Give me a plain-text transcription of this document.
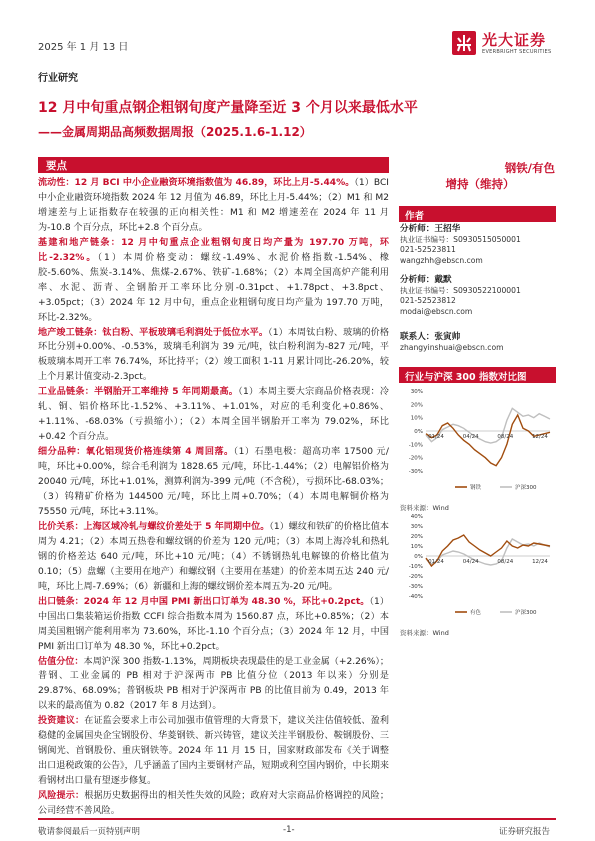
2025 年 1 月 13 日	光大证券
EVERBRIGHT SECURITIES
行业研究
12 月中旬重点钢企粗钢旬度产量降至近 3 个月以来最低水平
——金属周期品高频数据周报（2025.1.6-1.12）
要点

流动性：12 月 BCI 中小企业融资环境指数值为 46.89，环比上月-5.44%。（1）BCI 中小企业融资环境指数 2024 年 12 月值为 46.89，环比上月-5.44%；（2）M1 和 M2 增速差与上证指数存在较强的正向相关性：M1 和 M2 增速差在 2024 年 11 月为-10.8 个百分点，环比+2.8 个百分点。

基建和地产链条：12 月中旬重点企业粗钢旬度日均产量为 197.70 万吨，环比-2.32%。（1）本周价格变动：螺纹-1.49%、水泥价格指数-1.54%、橡胶-5.60%、焦炭-3.14%、焦煤-2.67%、铁矿-1.68%；（2）本周全国高炉产能利用率、水泥、沥青、全钢胎开工率环比分别-0.31pct、+1.78pct、+3.8pct、+3.05pct；（3）2024 年 12 月中旬，重点企业粗钢旬度日均产量为 197.70 万吨，环比-2.32%。

地产竣工链条：钛白粉、平板玻璃毛利润处于低位水平。（1）本周钛白粉、玻璃的价格环比分别+0.00%、-0.53%，玻璃毛利润为 39 元/吨，钛白粉利润为-827 元/吨，平板玻璃本周开工率 76.74%，环比持平；（2）竣工面积 1-11 月累计同比-26.20%，较上个月累计值变动-2.3pct。

工业品链条：半钢胎开工率维持 5 年同期最高。（1）本周主要大宗商品价格表现：冷轧、铜、铝价格环比-1.52%、+3.11%、+1.01%，对应的毛利变化+0.86%、+1.11%、-68.03%（亏损缩小）；（2）本周全国半钢胎开工率为 79.02%，环比+0.42 个百分点。

细分品种：氧化铝现货价格连续第 4 周回落。（1）石墨电极：超高功率 17500 元/吨，环比+0.00%，综合毛利润为 1828.65 元/吨，环比-1.44%；（2）电解铝价格为 20040 元/吨，环比+1.01%，测算利润为-399 元/吨（不含税），亏损环比-68.03%；（3）钨精矿价格为 144500 元/吨，环比上周+0.70%；（4）本周电解铜价格为 75550 元/吨，环比+3.11%。

比价关系：上海区域冷轧与螺纹价差处于 5 年同期中位。（1）螺纹和铁矿的价格比值本周为 4.21；（2）本周五热卷和螺纹钢的价差为 120 元/吨；（3）本周上海冷轧和热轧钢的价格差达 640 元/吨，环比+10 元/吨；（4）不锈钢热轧电解镍的价格比值为 0.10；（5）盘螺（主要用在地产）和螺纹钢（主要用在基建）的价差本周五达 240 元/吨，环比上周-7.69%；（6）新疆和上海的螺纹钢价差本周五为-20 元/吨。

出口链条：2024 年 12 月中国 PMI 新出口订单为 48.30 %，环比+0.2pct。（1）中国出口集装箱运价指数 CCFI 综合指数本周为 1560.87 点，环比+0.85%；（2）本周美国粗钢产能利用率为 73.60%，环比-1.10 个百分点；（3）2024 年 12 月，中国 PMI 新出口订单为 48.30 %，环比+0.2pct。

估值分位：本周沪深 300 指数-1.13%，周期板块表现最佳的是工业金属（+2.26%）；普钢、工业金属的 PB 相对于沪深两市 PB 比值分位（2013 年以来）分别是 29.87%、68.09%；普钢板块 PB 相对于沪深两市 PB 的比值目前为 0.49，2013 年以来的最高值为 0.82（2017 年 8 月达到）。

投资建议：在证监会要求上市公司加强市值管理的大背景下，建议关注估值较低、盈利稳健的金属国央企宝钢股份、华菱钢铁、新兴铸管，建议关注半钢股份、鞍钢股份、三钢闽光、首钢股份、重庆钢铁等。2024 年 11 月 15 日，国家财政部发布《关于调整出口退税政策的公告》，几乎涵盖了国内主要钢材产品，短期或利空国内钢价，中长期来看钢材出口量有望逐步修复。

风险提示：根据历史数据得出的相关性失效的风险；政府对大宗商品价格调控的风险；公司经营不善风险。

钢铁/有色
增持（维持）
作者
分析师：王招华
执业证书编号：S0930515050001
021-52523811
wangzhh@ebscn.com
分析师：戴默
执业证书编号：S0930522100001
021-52523812
modai@ebscn.com
联系人：张寅帅
zhangyinshuai@ebscn.com
行业与沪深 300 指数对比图
30%
20%
10%
0%
-10%
-20%
-30%
01/24	04/24	08/24	12/24
钢铁	沪深300
资料来源：Wind
40%
30%
20%
10%
0%
-10%
-20%
-30%
-40%
01/24	04/24	08/24	12/24
有色	沪深300
资料来源：Wind
敬请参阅最后一页特别声明	-1-	证券研究报告
